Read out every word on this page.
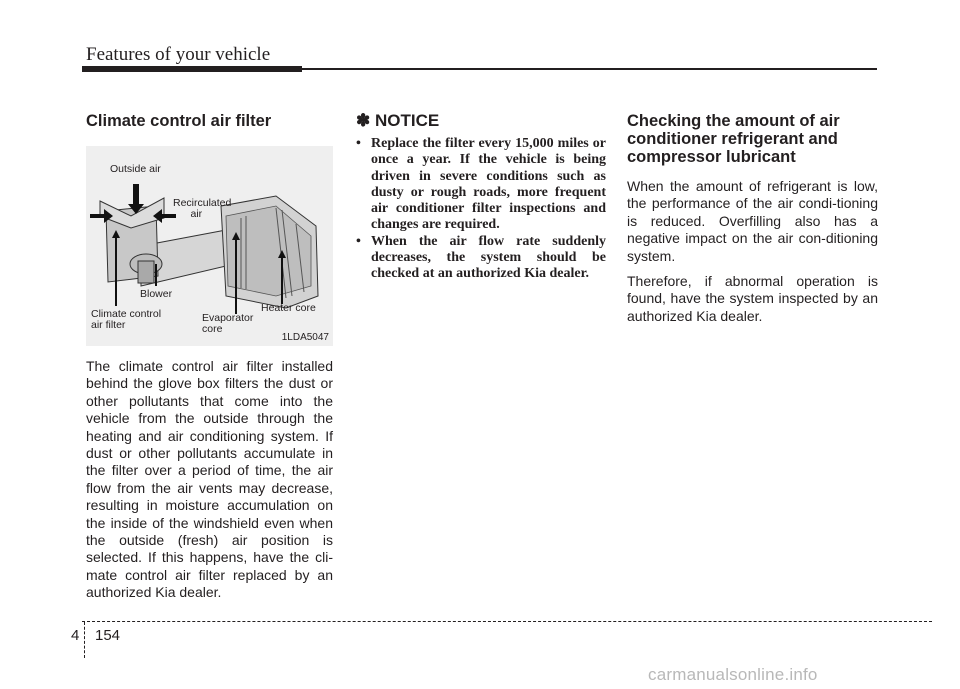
Features of your vehicle
Climate control air filter
Outside air
Recirculated
air
Blower
Climate control
air filter
Evaporator
core
Heater core
1LDA5047

The climate control air filter installed behind the glove box filters the dust or other pollutants that come into the vehicle from the outside through the heating and air conditioning system. If dust or other pollutants accumulate in the filter over a period of time, the air flow from the air vents may decrease, resulting in moisture accumulation on the inside of the windshield even when the outside (fresh) air position is selected. If this happens, have the cli-mate control air filter replaced by an authorized Kia dealer.

✽ NOTICE
• Replace the filter every 15,000 miles or once a year. If the vehicle is being driven in severe conditions such as dusty or rough roads, more frequent air conditioner filter inspections and changes are required.
• When the air flow rate suddenly decreases, the system should be checked at an authorized Kia dealer.
Checking the amount of air conditioner refrigerant and compressor lubricant

When the amount of refrigerant is low, the performance of the air condi-tioning is reduced. Overfilling also has a negative impact on the air con-ditioning system.

Therefore, if abnormal operation is found, have the system inspected by an authorized Kia dealer.

4 154
carmanualsonline.info
